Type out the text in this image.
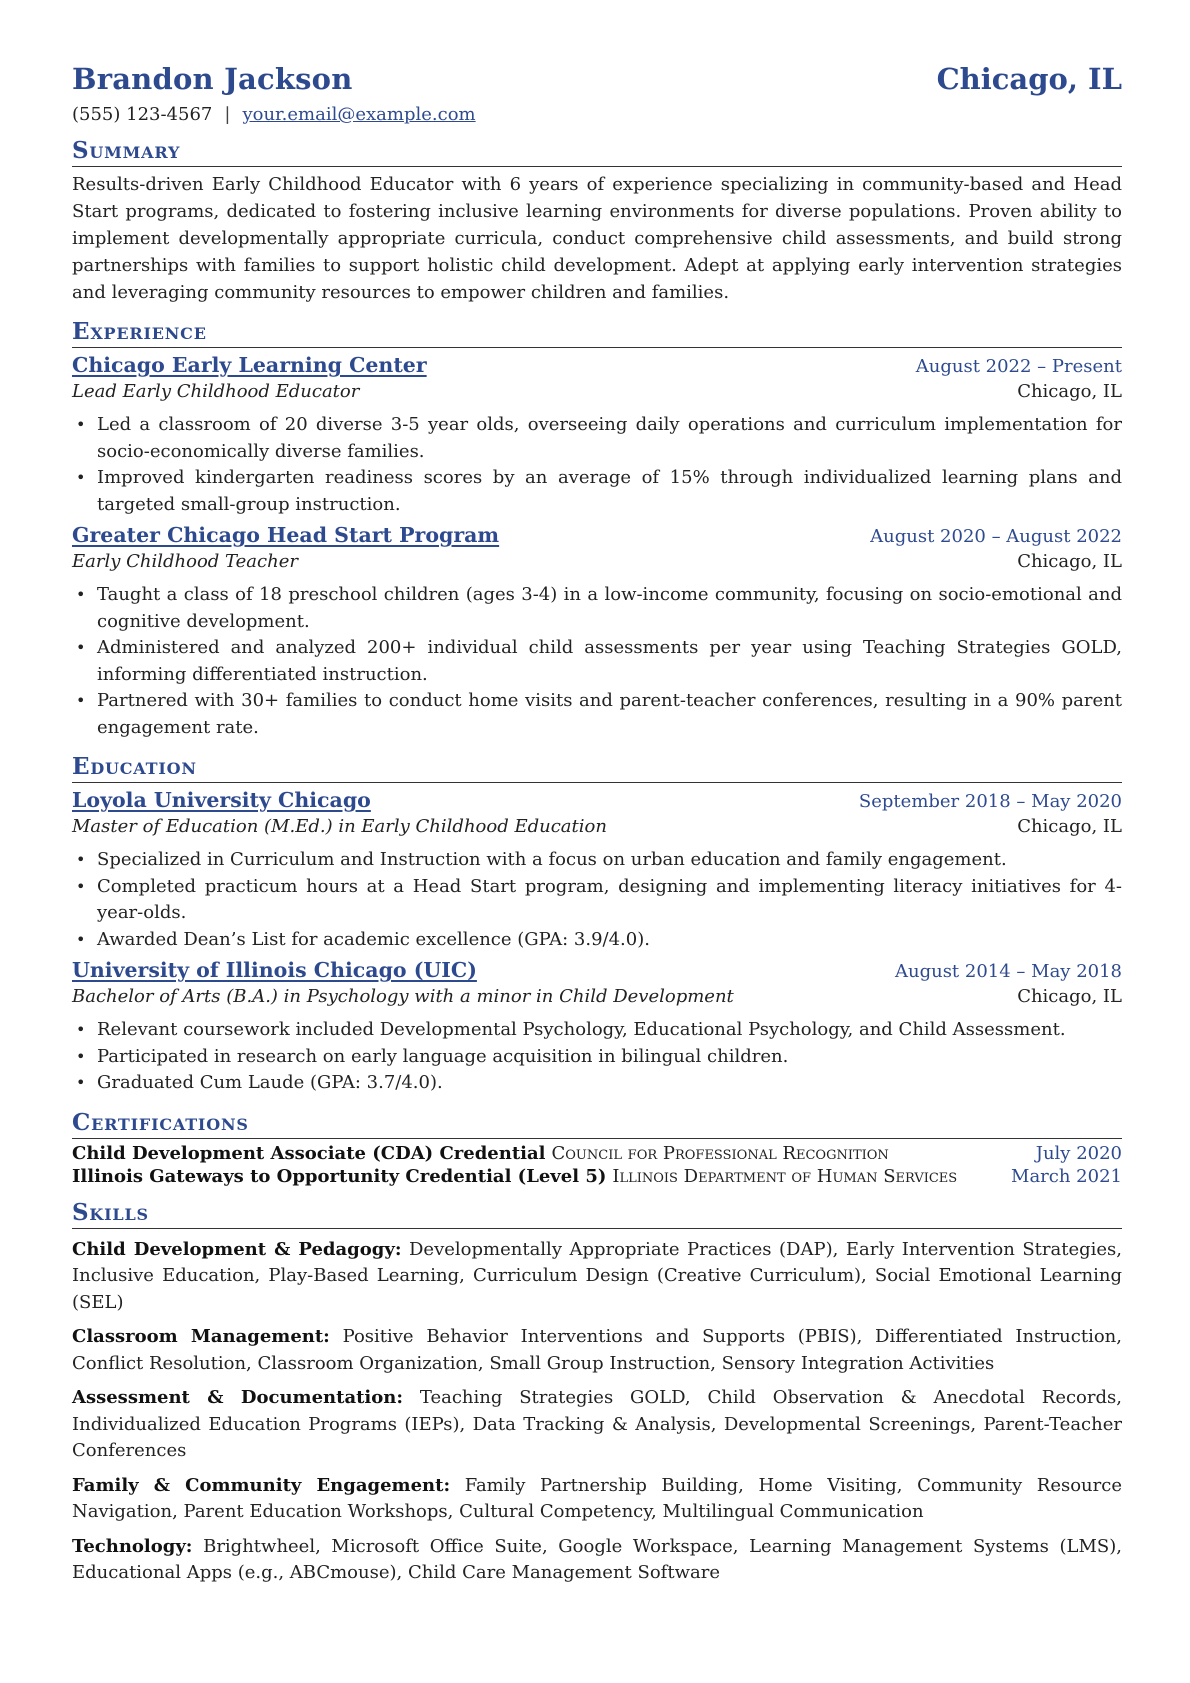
Brandon Jackson	Chicago, IL
(555) 123-4567 | your.email@example.com
Summary
Results-driven Early Childhood Educator with 6 years of experience specializing in community-based and Head Start programs, dedicated to fostering inclusive learning environments for diverse populations. Proven ability to implement developmentally appropriate curricula, conduct comprehensive child assessments, and build strong partnerships with families to support holistic child development. Adept at applying early intervention strategies and leveraging community resources to empower children and families.
Experience
Chicago Early Learning Center	August 2022 – Present
Lead Early Childhood Educator	Chicago, IL
• Led a classroom of 20 diverse 3-5 year olds, overseeing daily operations and curriculum implementation for socio-economically diverse families.
• Improved kindergarten readiness scores by an average of 15% through individualized learning plans and targeted small-group instruction.
Greater Chicago Head Start Program	August 2020 – August 2022
Early Childhood Teacher	Chicago, IL
• Taught a class of 18 preschool children (ages 3-4) in a low-income community, focusing on socio-emotional and cognitive development.
• Administered and analyzed 200+ individual child assessments per year using Teaching Strategies GOLD, informing differentiated instruction.
• Partnered with 30+ families to conduct home visits and parent-teacher conferences, resulting in a 90% parent engagement rate.
Education
Loyola University Chicago	September 2018 – May 2020
Master of Education (M.Ed.) in Early Childhood Education	Chicago, IL
• Specialized in Curriculum and Instruction with a focus on urban education and family engagement.
• Completed practicum hours at a Head Start program, designing and implementing literacy initiatives for 4-year-olds.
• Awarded Dean’s List for academic excellence (GPA: 3.9/4.0).
University of Illinois Chicago (UIC)	August 2014 – May 2018
Bachelor of Arts (B.A.) in Psychology with a minor in Child Development	Chicago, IL
• Relevant coursework included Developmental Psychology, Educational Psychology, and Child Assessment.
• Participated in research on early language acquisition in bilingual children.
• Graduated Cum Laude (GPA: 3.7/4.0).
Certifications
Child Development Associate (CDA) Credential Council for Professional Recognition	July 2020
Illinois Gateways to Opportunity Credential (Level 5) Illinois Department of Human Services	March 2021
Skills
Child Development & Pedagogy: Developmentally Appropriate Practices (DAP), Early Intervention Strategies, Inclusive Education, Play-Based Learning, Curriculum Design (Creative Curriculum), Social Emotional Learning (SEL)
Classroom Management: Positive Behavior Interventions and Supports (PBIS), Differentiated Instruction, Conflict Resolution, Classroom Organization, Small Group Instruction, Sensory Integration Activities
Assessment & Documentation: Teaching Strategies GOLD, Child Observation & Anecdotal Records, Individualized Education Programs (IEPs), Data Tracking & Analysis, Developmental Screenings, Parent-Teacher Conferences
Family & Community Engagement: Family Partnership Building, Home Visiting, Community Resource Navigation, Parent Education Workshops, Cultural Competency, Multilingual Communication
Technology: Brightwheel, Microsoft Office Suite, Google Workspace, Learning Management Systems (LMS), Educational Apps (e.g., ABCmouse), Child Care Management Software
